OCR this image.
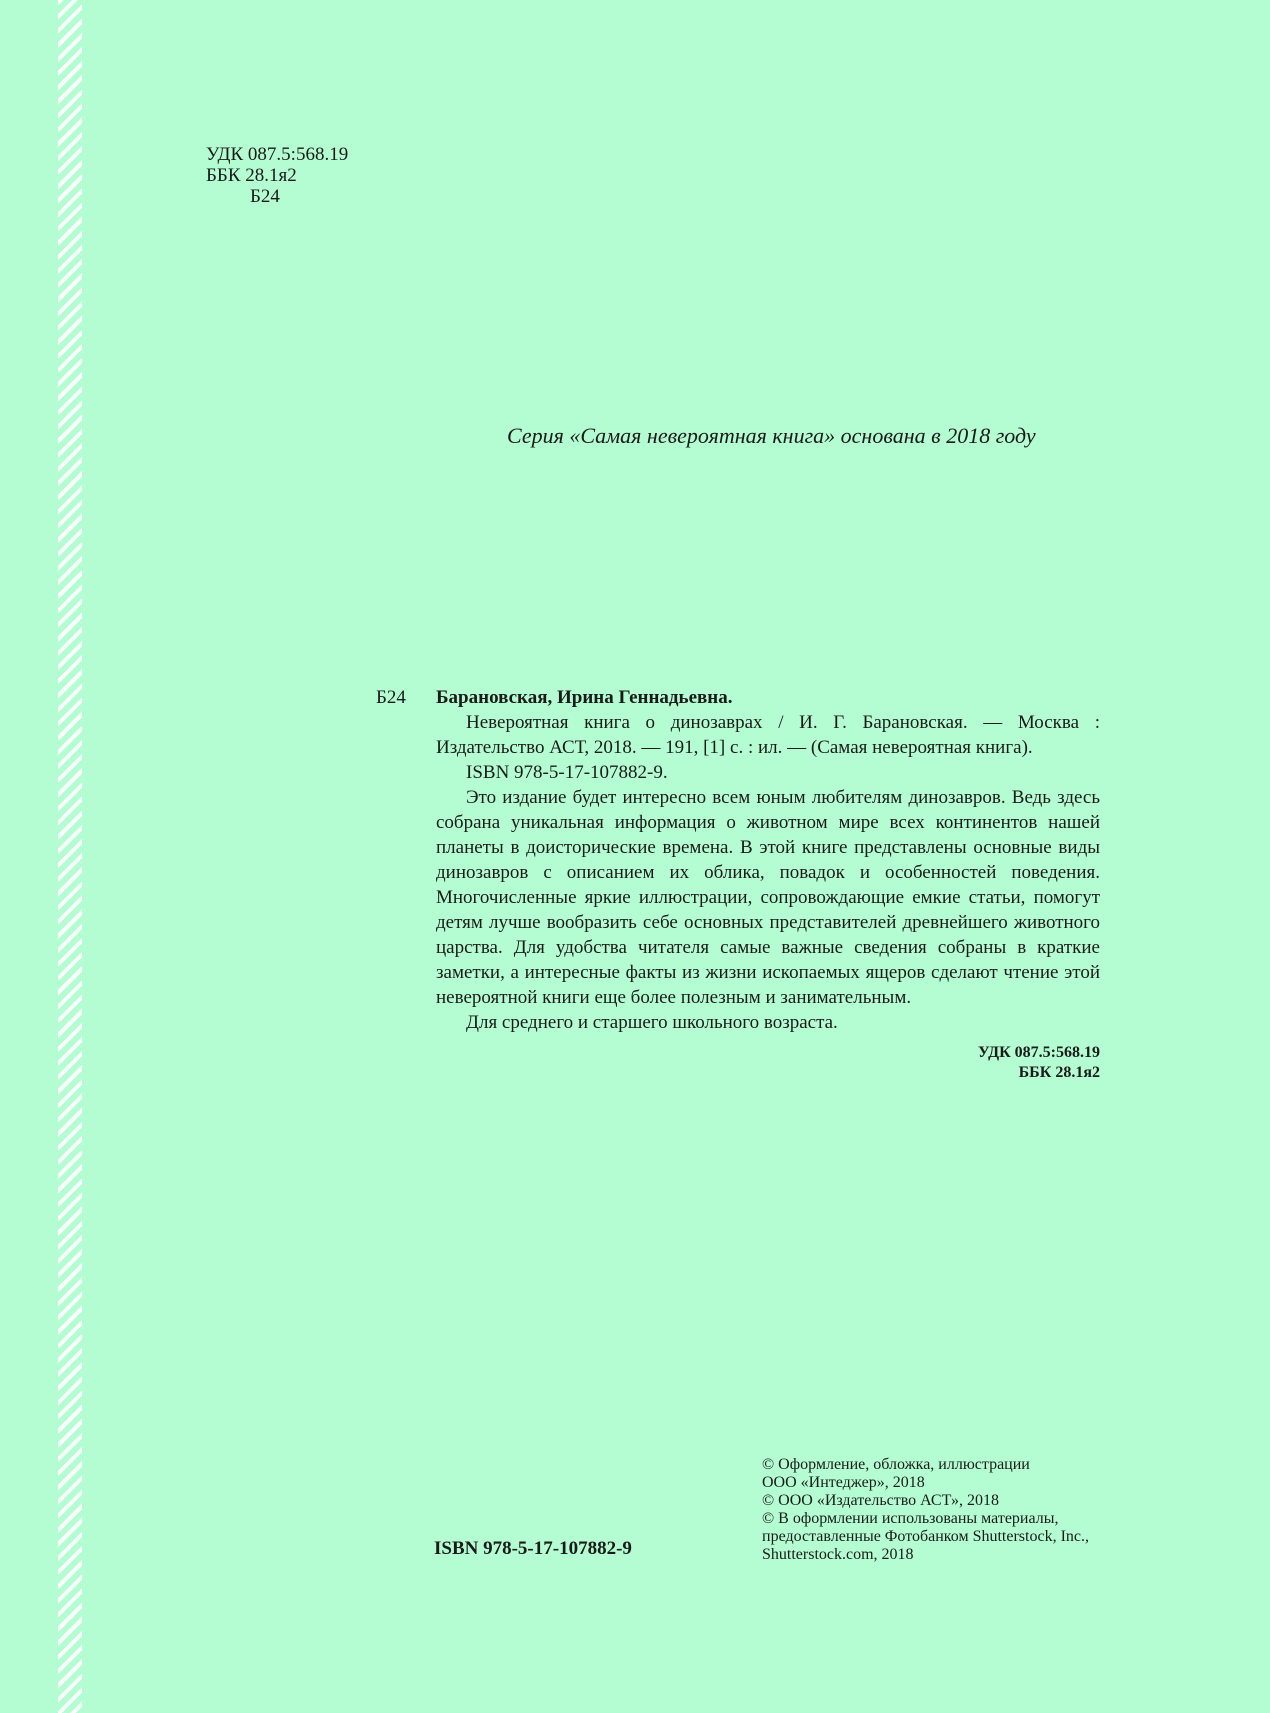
УДК 087.5:568.19
ББК 28.1я2
Б24
Серия «Самая невероятная книга» основана в 2018 году
Б24	Барановская, Ирина Геннадьевна.

Невероятная книга о динозаврах / И. Г. Барановская. — Москва : Издательство АСТ, 2018. — 191, [1] с. : ил. — (Самая невероятная книга).

ISBN 978-5-17-107882-9.

Это издание будет интересно всем юным любителям динозавров. Ведь здесь собрана уникальная информация о животном мире всех континентов нашей планеты в доисторические времена. В этой книге представлены основные виды динозавров с описанием их облика, повадок и особенностей поведения. Многочисленные яркие иллюстрации, сопровождающие емкие статьи, помогут детям лучше вообразить себе основных представителей древнейшего животного царства. Для удобства читателя самые важные сведения собраны в краткие заметки, а интересные факты из жизни ископаемых ящеров сделают чтение этой невероятной книги еще более полезным и занимательным.

Для среднего и старшего школьного возраста.

УДК 087.5:568.19
ББК 28.1я2
ISBN 978-5-17-107882-9
© Оформление, обложка, иллюстрации
ООО «Интеджер», 2018
© ООО «Издательство АСТ», 2018
© В оформлении использованы материалы,
предоставленные Фотобанком Shutterstock, Inc.,
Shutterstock.com, 2018
